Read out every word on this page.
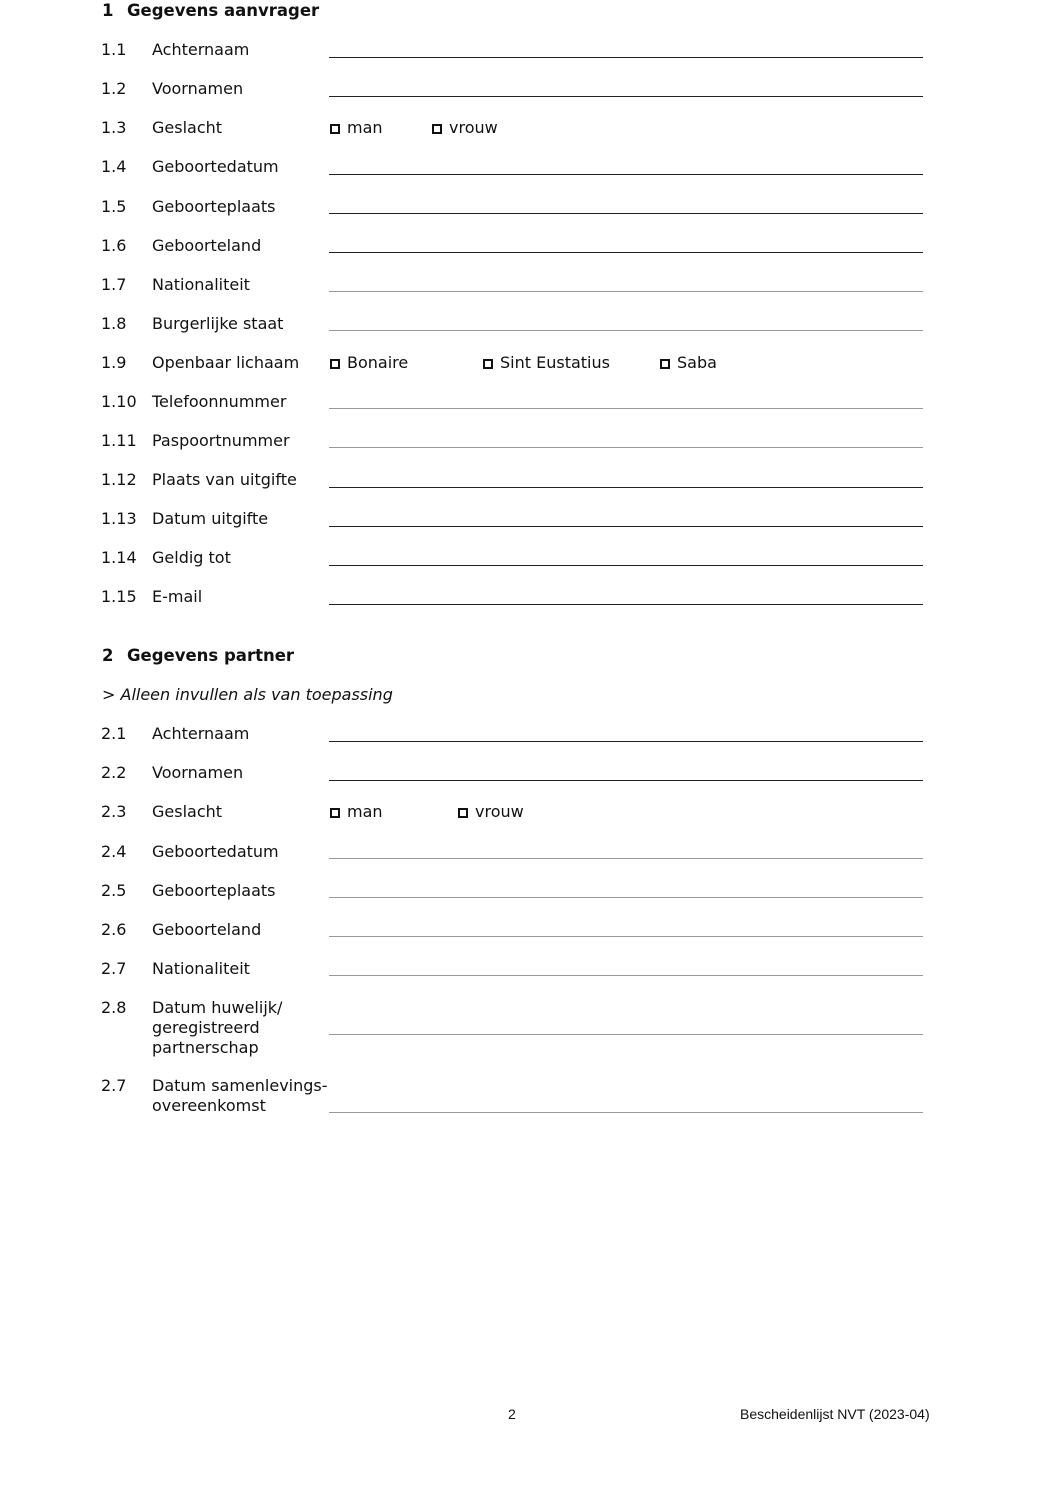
1 Gegevens aanvrager
1.1 Achternaam
1.2 Voornamen
1.3 Geslacht	man	vrouw
1.4 Geboortedatum
1.5 Geboorteplaats
1.6 Geboorteland
1.7 Nationaliteit
1.8 Burgerlijke staat
1.9 Openbaar lichaam	Bonaire	Sint Eustatius	Saba
1.10 Telefoonnummer
1.11 Paspoortnummer
1.12 Plaats van uitgifte
1.13 Datum uitgifte
1.14 Geldig tot
1.15 E-mail
2 Gegevens partner
> Alleen invullen als van toepassing
2.1 Achternaam
2.2 Voornamen
2.3 Geslacht	man	vrouw
2.4 Geboortedatum
2.5 Geboorteplaats
2.6 Geboorteland
2.7 Nationaliteit
2.8 Datum huwelijk/
geregistreerd
partnerschap
2.7 Datum samenlevings-
overeenkomst
2	Bescheidenlijst NVT (2023-04)
